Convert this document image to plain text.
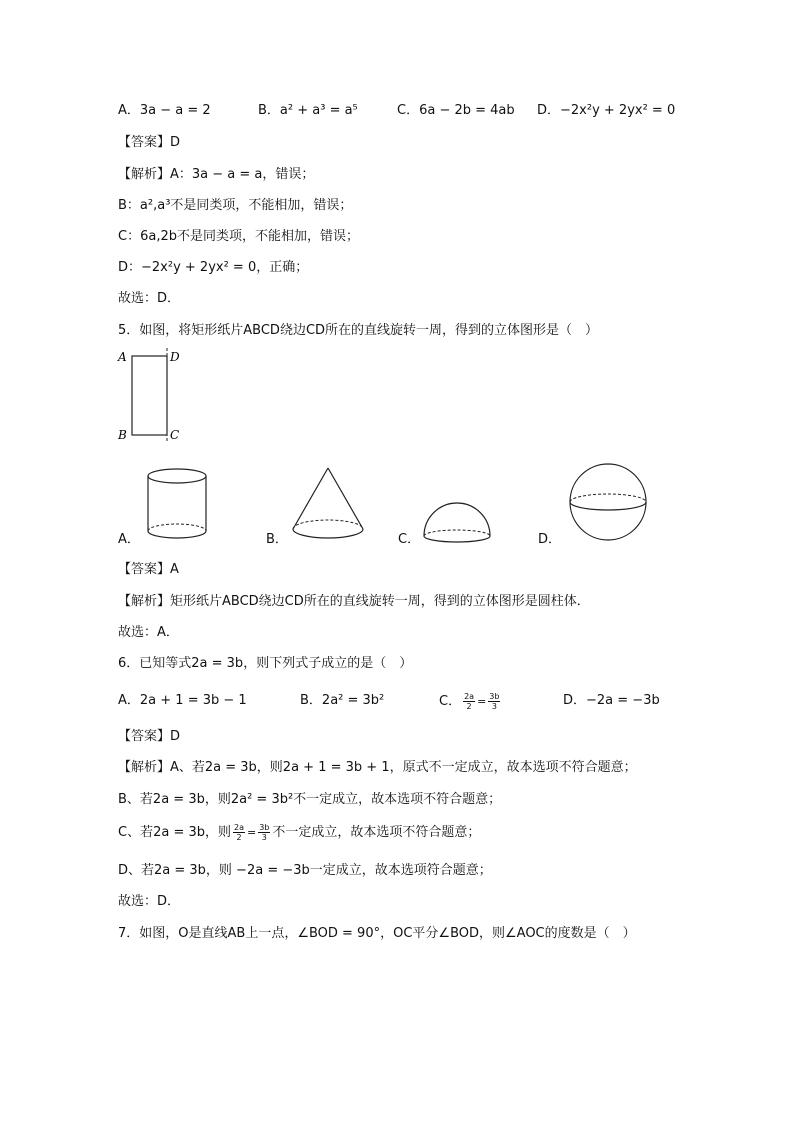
A．3a − a = 2	B．a² + a³ = a⁵	C．6a − 2b = 4ab D．−2x²y + 2yx² = 0
【答案】D
【解析】A：3a − a = a，错误；
B：a²,a³不是同类项，不能相加，错误；
C：6a,2b不是同类项，不能相加，错误；
D：−2x²y + 2yx² = 0，正确；
故选：D．
5．如图，将矩形纸片ABCD绕边CD所在的直线旋转一周，得到的立体图形是（　）
A	D
B	C
A．	B．	C．	D．
【答案】A
【解析】矩形纸片ABCD绕边CD所在的直线旋转一周，得到的立体图形是圆柱体．
故选：A．
6．已知等式2a = 3b，则下列式子成立的是（　）
A．2a + 1 = 3b − 1	B．2a² = 3b²	C． $\frac{2a}{2} = \frac{3b}{3}$	D．−2a = −3b
【答案】D
【解析】A、若2a = 3b，则2a + 1 = 3b + 1，原式不一定成立，故本选项不符合题意；
B、若2a = 3b，则2a² = 3b²不一定成立，故本选项不符合题意；
C、若2a = 3b，则 $\frac{2a}{2} = \frac{3b}{3}$ 不一定成立，故本选项不符合题意；
D、若2a = 3b，则 −2a = −3b一定成立，故本选项符合题意；
故选：D．
7．如图，O是直线AB上一点，∠BOD = 90°，OC平分∠BOD，则∠AOC的度数是（　）
